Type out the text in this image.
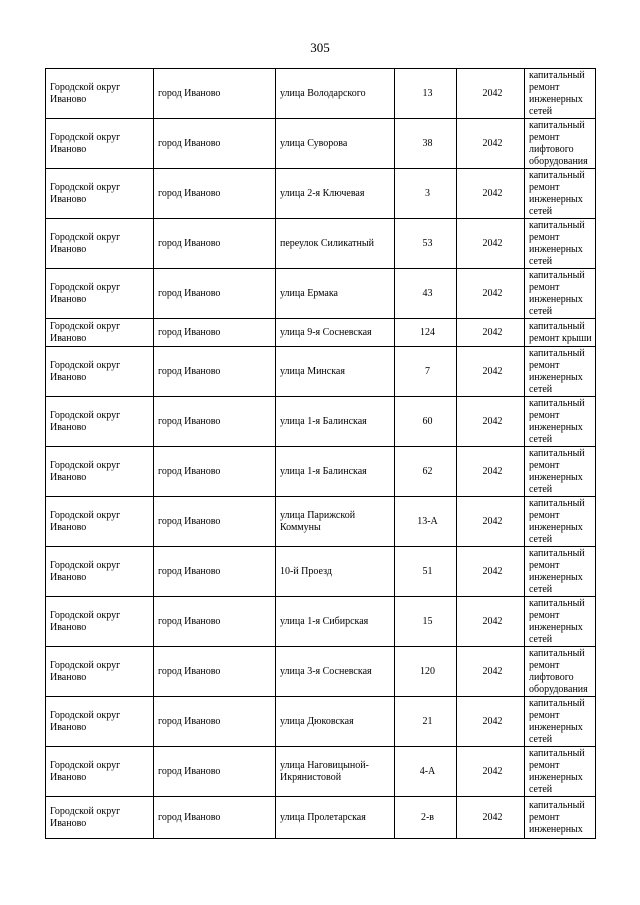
305
Городской округ Иваново	город Иваново	улица Володарского	13	2042	капитальный ремонт инженерных сетей
Городской округ Иваново	город Иваново	улица Суворова	38	2042	капитальный ремонт лифтового оборудования
Городской округ Иваново	город Иваново	улица 2-я Ключевая	3	2042	капитальный ремонт инженерных сетей
Городской округ Иваново	город Иваново	переулок Силикатный	53	2042	капитальный ремонт инженерных сетей
Городской округ Иваново	город Иваново	улица Ермака	43	2042	капитальный ремонт инженерных сетей
Городской округ Иваново	город Иваново	улица 9-я Сосневская	124	2042	капитальный ремонт крыши
Городской округ Иваново	город Иваново	улица Минская	7	2042	капитальный ремонт инженерных сетей
Городской округ Иваново	город Иваново	улица 1-я Балинская	60	2042	капитальный ремонт инженерных сетей
Городской округ Иваново	город Иваново	улица 1-я Балинская	62	2042	капитальный ремонт инженерных сетей
Городской округ Иваново	город Иваново	улица Парижской Коммуны	13-А	2042	капитальный ремонт инженерных сетей
Городской округ Иваново	город Иваново	10-й Проезд	51	2042	капитальный ремонт инженерных сетей
Городской округ Иваново	город Иваново	улица 1-я Сибирская	15	2042	капитальный ремонт инженерных сетей
Городской округ Иваново	город Иваново	улица 3-я Сосневская	120	2042	капитальный ремонт лифтового оборудования
Городской округ Иваново	город Иваново	улица Дюковская	21	2042	капитальный ремонт инженерных сетей
Городской округ Иваново	город Иваново	улица Наговицыной-Икрянистовой	4-А	2042	капитальный ремонт инженерных сетей
Городской округ Иваново	город Иваново	улица Пролетарская	2-в	2042	капитальный ремонт инженерных
